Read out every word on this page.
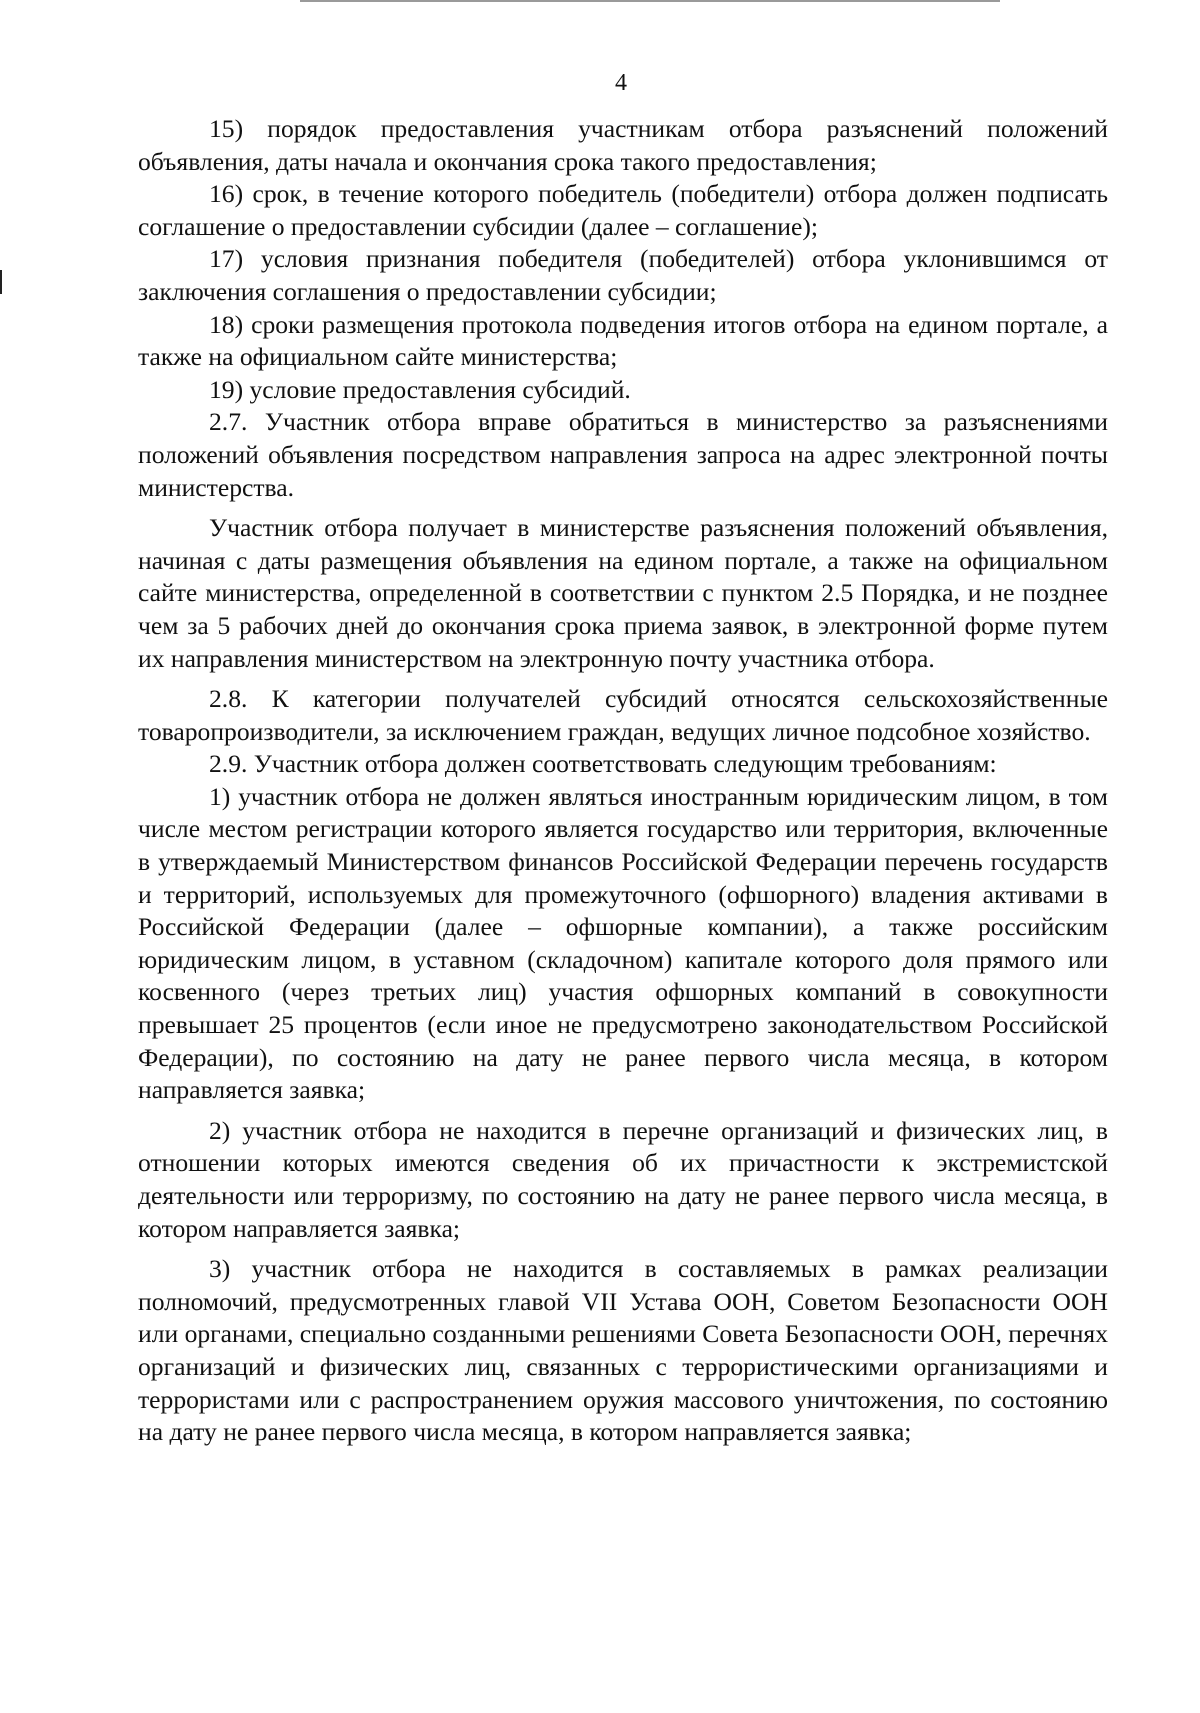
4

15) порядок предоставления участникам отбора разъяснений положений объявления, даты начала и окончания срока такого предоставления;

16) срок, в течение которого победитель (победители) отбора должен подписать соглашение о предоставлении субсидии (далее – соглашение);

17) условия признания победителя (победителей) отбора уклонившимся от заключения соглашения о предоставлении субсидии;

18) сроки размещения протокола подведения итогов отбора на едином портале, а также на официальном сайте министерства;

19) условие предоставления субсидий.

2.7. Участник отбора вправе обратиться в министерство за разъяснениями положений объявления посредством направления запроса на адрес электронной почты министерства.

Участник отбора получает в министерстве разъяснения положений объявления, начиная с даты размещения объявления на едином портале, а также на официальном сайте министерства, определенной в соответствии с пунктом 2.5 Порядка, и не позднее чем за 5 рабочих дней до окончания срока приема заявок, в электронной форме путем их направления министерством на электронную почту участника отбора.

2.8. К категории получателей субсидий относятся сельскохозяйственные товаропроизводители, за исключением граждан, ведущих личное подсобное хозяйство.

2.9. Участник отбора должен соответствовать следующим требованиям:

1) участник отбора не должен являться иностранным юридическим лицом, в том числе местом регистрации которого является государство или территория, включенные в утверждаемый Министерством финансов Российской Федерации перечень государств и территорий, используемых для промежуточного (офшорного) владения активами в Российской Федерации (далее – офшорные компании), а также российским юридическим лицом, в уставном (складочном) капитале которого доля прямого или косвенного (через третьих лиц) участия офшорных компаний в совокупности превышает 25 процентов (если иное не предусмотрено законодательством Российской Федерации), по состоянию на дату не ранее первого числа месяца, в котором направляется заявка;

2) участник отбора не находится в перечне организаций и физических лиц, в отношении которых имеются сведения об их причастности к экстремистской деятельности или терроризму, по состоянию на дату не ранее первого числа месяца, в котором направляется заявка;

3) участник отбора не находится в составляемых в рамках реализации полномочий, предусмотренных главой VII Устава ООН, Советом Безопасности ООН или органами, специально созданными решениями Совета Безопасности ООН, перечнях организаций и физических лиц, связанных с террористическими организациями и террористами или с распространением оружия массового уничтожения, по состоянию на дату не ранее первого числа месяца, в котором направляется заявка;
